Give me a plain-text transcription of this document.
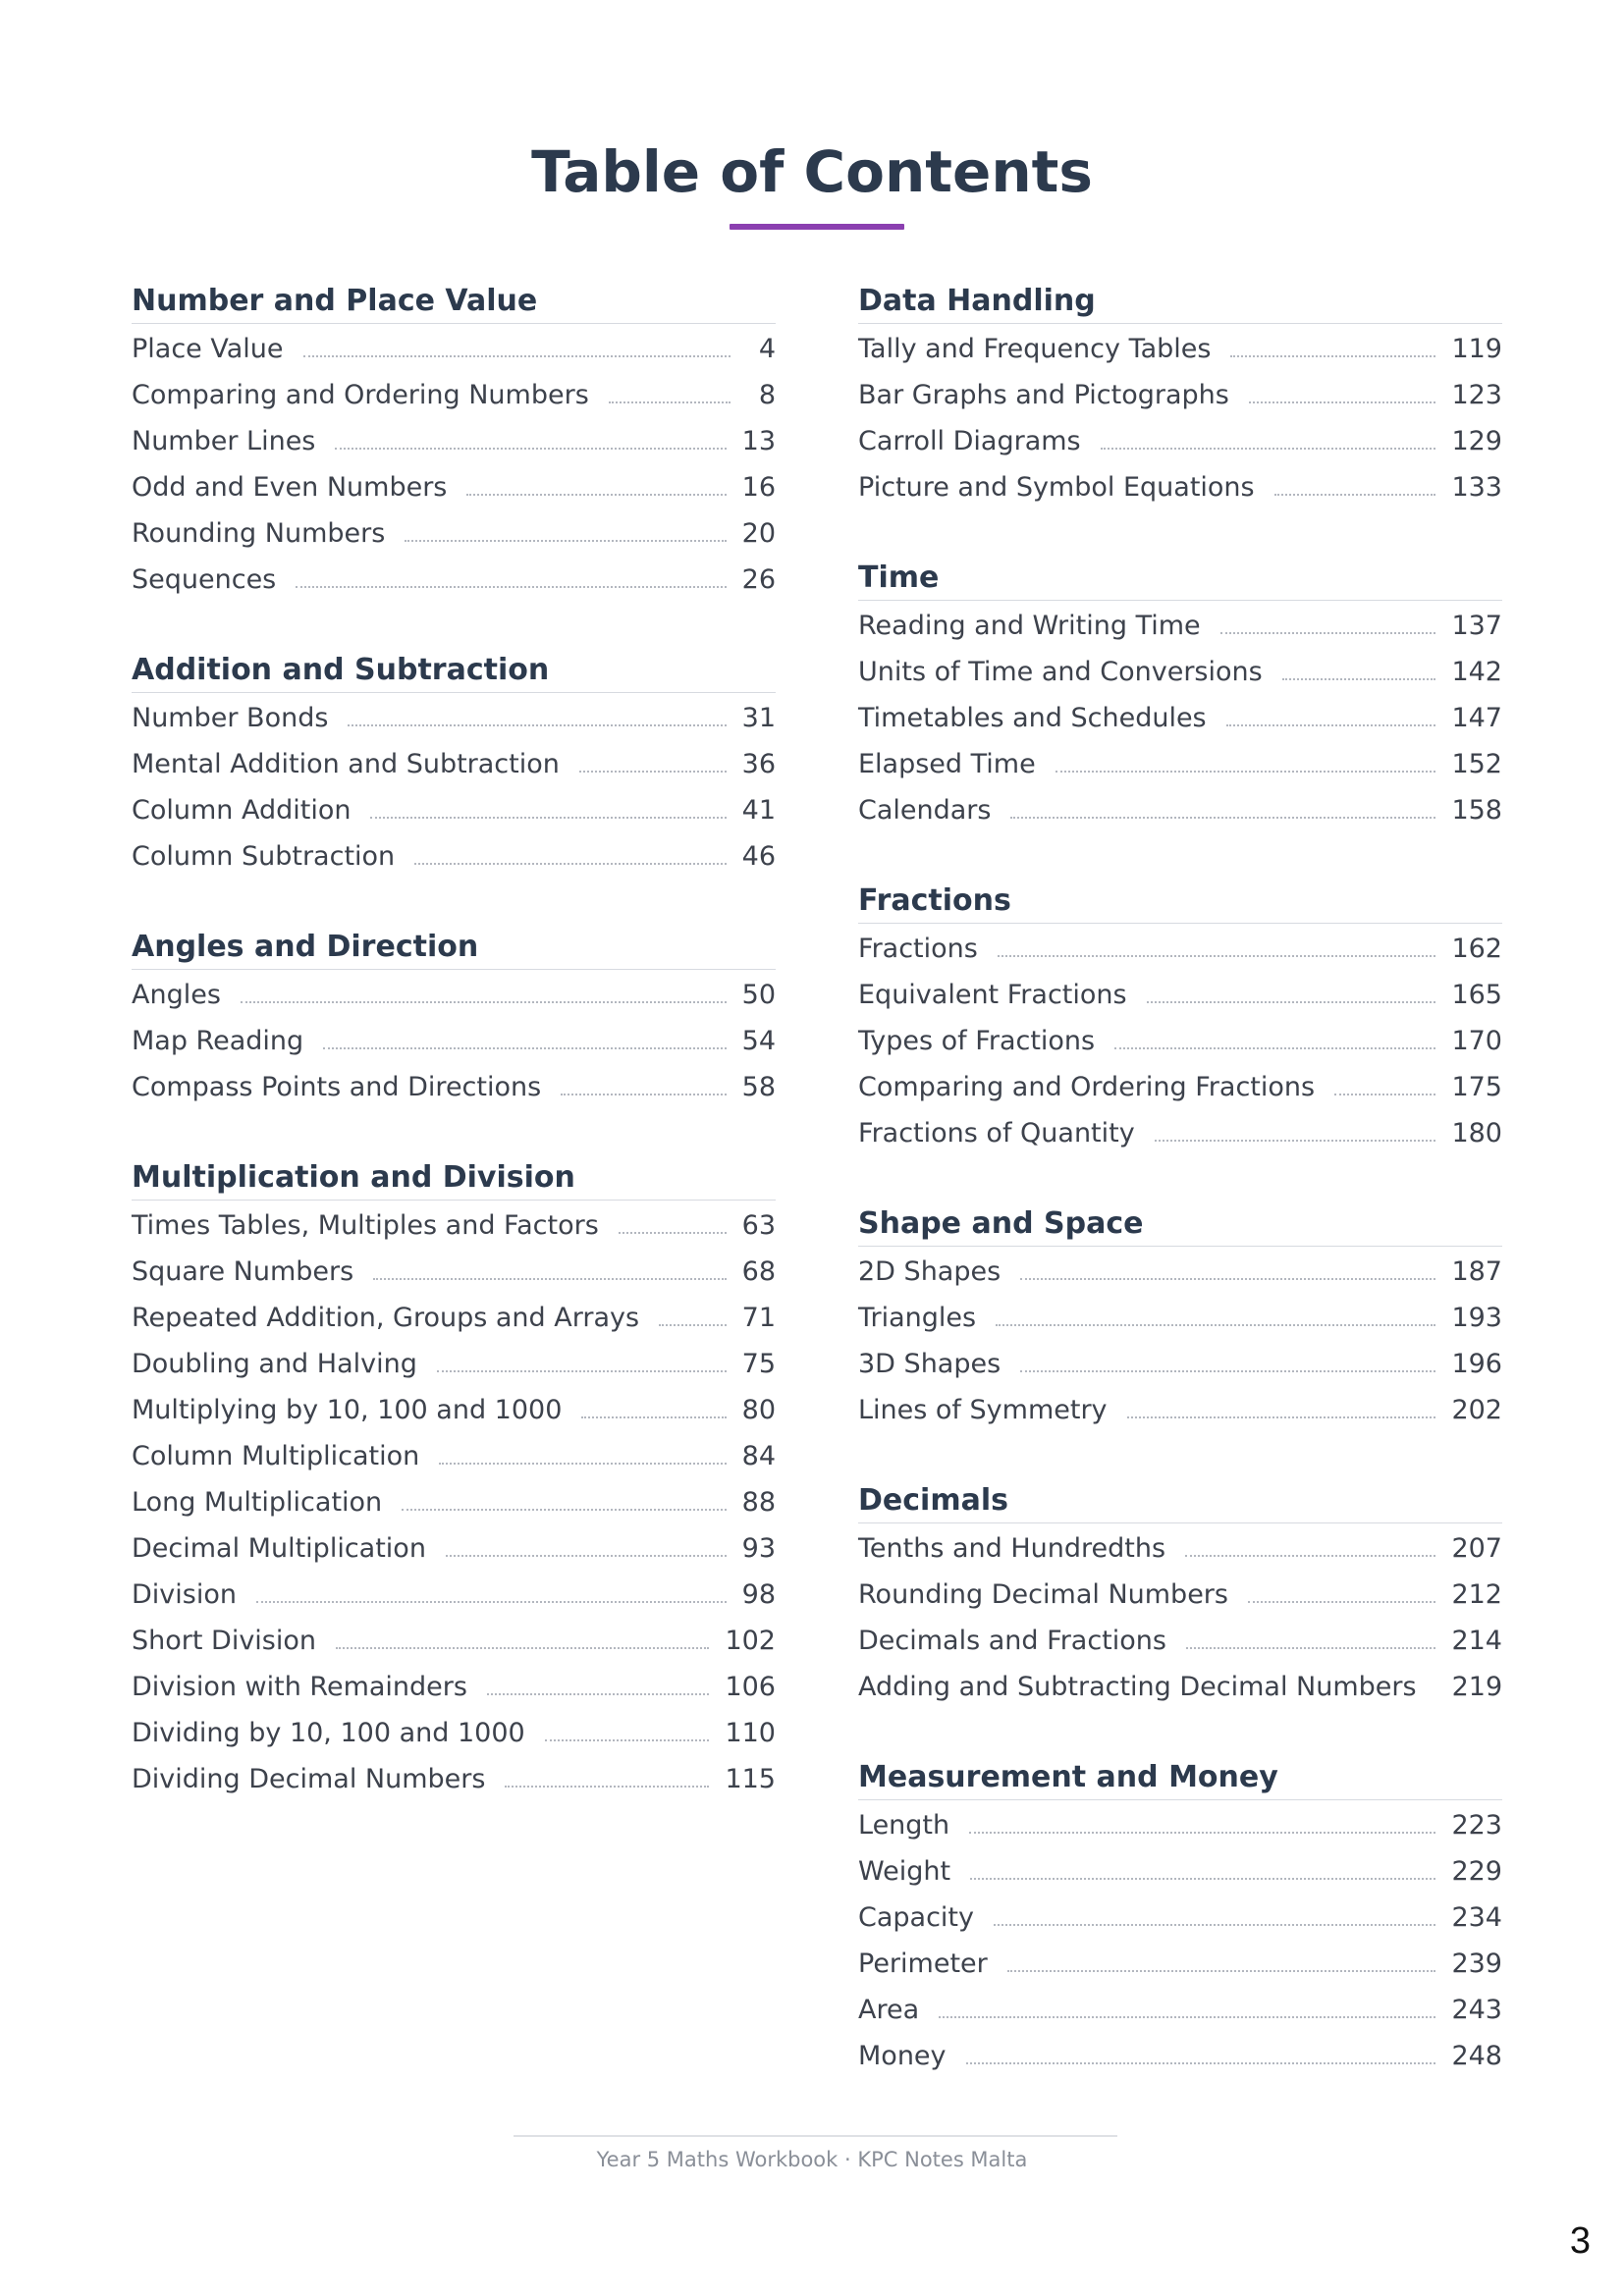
Table of Contents
Number and Place Value
Place Value	4
Comparing and Ordering Numbers	8
Number Lines	13
Odd and Even Numbers	16
Rounding Numbers	20
Sequences	26
Addition and Subtraction
Number Bonds	31
Mental Addition and Subtraction	36
Column Addition	41
Column Subtraction	46
Angles and Direction
Angles	50
Map Reading	54
Compass Points and Directions	58
Multiplication and Division
Times Tables, Multiples and Factors	63
Square Numbers	68
Repeated Addition, Groups and Arrays	71
Doubling and Halving	75
Multiplying by 10, 100 and 1000	80
Column Multiplication	84
Long Multiplication	88
Decimal Multiplication	93
Division	98
Short Division	102
Division with Remainders	106
Dividing by 10, 100 and 1000	110
Dividing Decimal Numbers	115
Data Handling
Tally and Frequency Tables	119
Bar Graphs and Pictographs	123
Carroll Diagrams	129
Picture and Symbol Equations	133
Time
Reading and Writing Time	137
Units of Time and Conversions	142
Timetables and Schedules	147
Elapsed Time	152
Calendars	158
Fractions
Fractions	162
Equivalent Fractions	165
Types of Fractions	170
Comparing and Ordering Fractions	175
Fractions of Quantity	180
Shape and Space
2D Shapes	187
Triangles	193
3D Shapes	196
Lines of Symmetry	202
Decimals
Tenths and Hundredths	207
Rounding Decimal Numbers	212
Decimals and Fractions	214
Adding and Subtracting Decimal Numbers 219
Measurement and Money
Length	223
Weight	229
Capacity	234
Perimeter	239
Area	243
Money	248
Year 5 Maths Workbook · KPC Notes Malta
3
